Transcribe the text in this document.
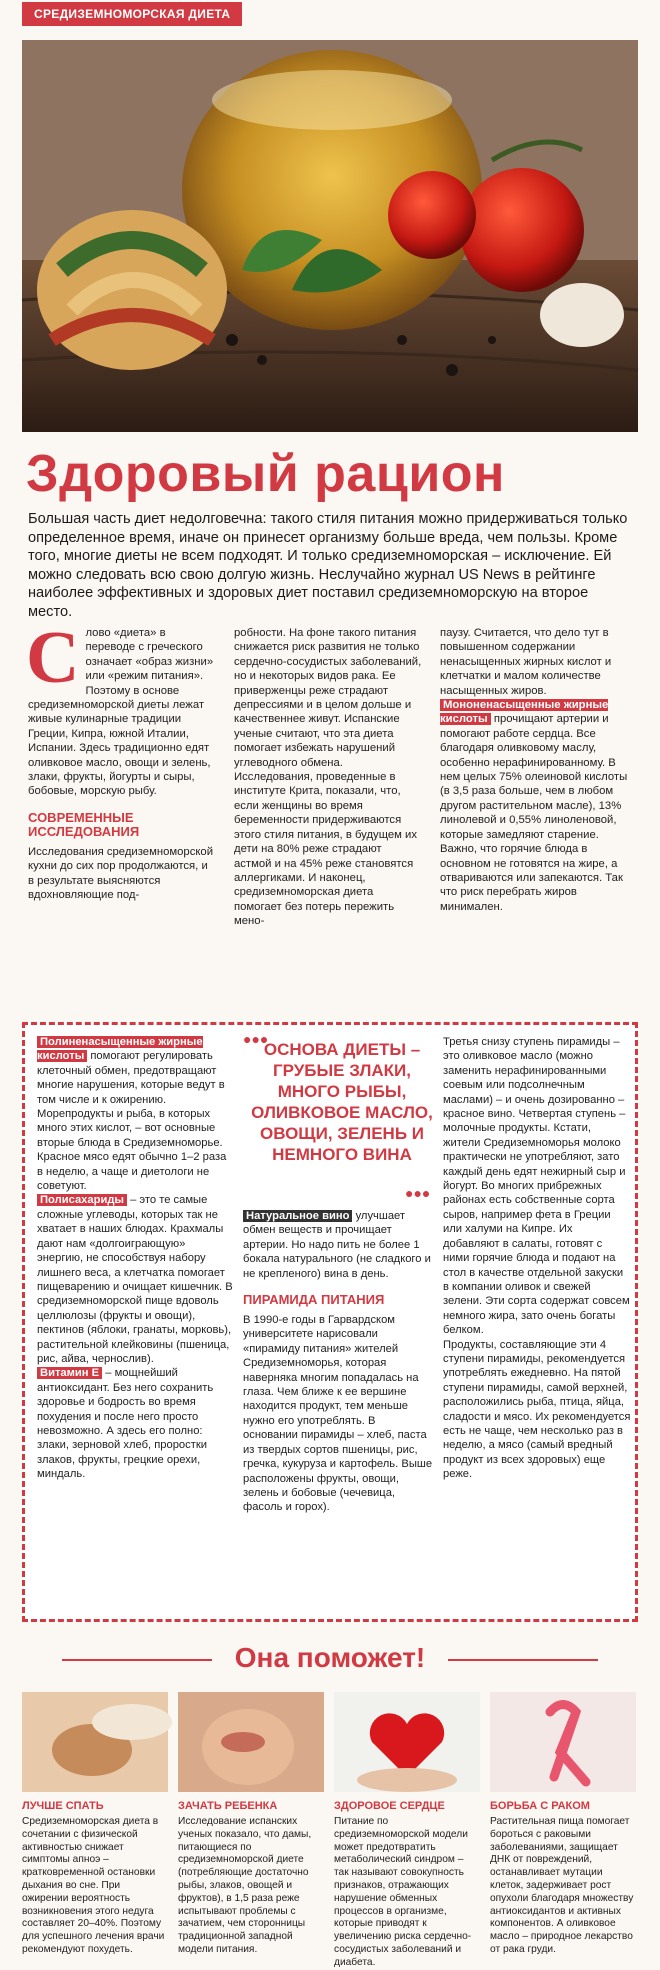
СРЕДИЗЕМНОМОРСКАЯ ДИЕТА
Здоровый рацион

Большая часть диет недолговечна: такого стиля питания можно придерживаться только определенное время, иначе он принесет организму больше вреда, чем пользы. Кроме того, многие диеты не всем подходят. И только средиземноморская – исключение. Ей можно следовать всю свою долгую жизнь. Неслучайно журнал US News в рейтинге наиболее эффективных и здоровых диет поставил средиземноморскую на второе место.

Слово «диета» в переводе с греческого означает «образ жизни» или «режим питания». Поэтому в основе средиземноморской диеты лежат живые кулинарные традиции Греции, Кипра, южной Италии, Испании. Здесь традиционно едят оливковое масло, овощи и зелень, злаки, фрукты, йогурты и сыры, бобовые, морскую рыбу.

СОВРЕМЕННЫЕ ИССЛЕДОВАНИЯ

Исследования средиземноморской кухни до сих пор продолжаются, и в результате выясняются вдохновляющие под-

робности. На фоне такого питания снижается риск развития не только сердечно-сосудистых заболеваний, но и некоторых видов рака. Ее приверженцы реже страдают депрессиями и в целом дольше и качественнее живут. Испанские ученые считают, что эта диета помогает избежать нарушений углеводного обмена. Исследования, проведенные в институте Крита, показали, что, если женщины во время беременности придерживаются этого стиля питания, в будущем их дети на 80% реже страдают астмой и на 45% реже становятся аллергиками. И наконец, средиземноморская диета помогает без потерь пережить мено-

паузу. Считается, что дело тут в повышенном содержании ненасыщенных жирных кислот и клетчатки и малом количестве насыщенных жиров.

Мононенасыщенные жирные кислоты прочищают артерии и помогают работе сердца. Все благодаря оливковому маслу, особенно нерафинированному. В нем целых 75% олеиновой кислоты (в 3,5 раза больше, чем в любом другом растительном масле), 13% линолевой и 0,55% линоленовой, которые замедляют старение. Важно, что горячие блюда в основном не готовятся на жире, а отвариваются или запекаются. Так что риск перебрать жиров минимален.

Полиненасыщенные жирные кислоты помогают регулировать клеточный обмен, предотвращают многие нарушения, которые ведут в том числе и к ожирению. Морепродукты и рыба, в которых много этих кислот, – вот основные вторые блюда в Средиземноморье. Красное мясо едят обычно 1–2 раза в неделю, а чаще и диетологи не советуют.

Полисахариды – это те самые сложные углеводы, которых так не хватает в наших блюдах. Крахмалы дают нам «долгоиграющую» энергию, не способствуя набору лишнего веса, а клетчатка помогает пищеварению и очищает кишечник. В средиземноморской пище вдоволь целлюлозы (фрукты и овощи), пектинов (яблоки, гранаты, морковь), растительной клейковины (пшеница, рис, айва, чернослив).

Витамин Е – мощнейший антиоксидант. Без него сохранить здоровье и бодрость во время похудения и после него просто невозможно. А здесь его полно: злаки, зерновой хлеб, проростки злаков, фрукты, грецкие орехи, миндаль.

●●●
ОСНОВА ДИЕТЫ – ГРУБЫЕ ЗЛАКИ, МНОГО РЫБЫ, ОЛИВКОВОЕ МАСЛО, ОВОЩИ, ЗЕЛЕНЬ И НЕМНОГО ВИНА
●●●

Натуральное вино улучшает обмен веществ и прочищает артерии. Но надо пить не более 1 бокала натурального (не сладкого и не крепленого) вина в день.

ПИРАМИДА ПИТАНИЯ

В 1990-е годы в Гарвардском университете нарисовали «пирамиду питания» жителей Средиземноморья, которая наверняка многим попадалась на глаза. Чем ближе к ее вершине находится продукт, тем меньше нужно его употреблять. В основании пирамиды – хлеб, паста из твердых сортов пшеницы, рис, гречка, кукуруза и картофель. Выше расположены фрукты, овощи, зелень и бобовые (чечевица, фасоль и горох).

Третья снизу ступень пирамиды – это оливковое масло (можно заменить нерафинированными соевым или подсолнечным маслами) – и очень дозированно – красное вино. Четвертая ступень – молочные продукты. Кстати, жители Средиземноморья молоко практически не употребляют, зато каждый день едят нежирный сыр и йогурт. Во многих прибрежных районах есть собственные сорта сыров, например фета в Греции или халуми на Кипре. Их добавляют в салаты, готовят с ними горячие блюда и подают на стол в качестве отдельной закуски в компании оливок и свежей зелени. Эти сорта содержат совсем немного жира, зато очень богаты белком.

Продукты, составляющие эти 4 ступени пирамиды, рекомендуется употреблять ежедневно. На пятой ступени пирамиды, самой верхней, расположились рыба, птица, яйца, сладости и мясо. Их рекомендуется есть не чаще, чем несколько раз в неделю, а мясо (самый вредный продукт из всех здоровых) еще реже.

Она поможет!
ЛУЧШЕ СПАТЬ
Средиземноморская диета в сочетании с физической активностью снижает симптомы апноэ – кратковременной остановки дыхания во сне. При ожирении вероятность возникновения этого недуга составляет 20–40%. Поэтому для успешного лечения врачи рекомендуют похудеть.
ЗАЧАТЬ РЕБЕНКА
Исследование испанских ученых показало, что дамы, питающиеся по средиземноморской диете (потребляющие достаточно рыбы, злаков, овощей и фруктов), в 1,5 раза реже испытывают проблемы с зачатием, чем сторонницы традиционной западной модели питания.
ЗДОРОВОЕ СЕРДЦЕ
Питание по средиземноморской модели может предотвратить метаболический синдром – так называют совокупность признаков, отражающих нарушение обменных процессов в организме, которые приводят к увеличению риска сердечно-сосудистых заболеваний и диабета.
БОРЬБА С РАКОМ
Растительная пища помогает бороться с раковыми заболеваниями, защищает ДНК от повреждений, останавливает мутации клеток, задерживает рост опухоли благодаря множеству антиоксидантов и активных компонентов. А оливковое масло – природное лекарство от рака груди.
